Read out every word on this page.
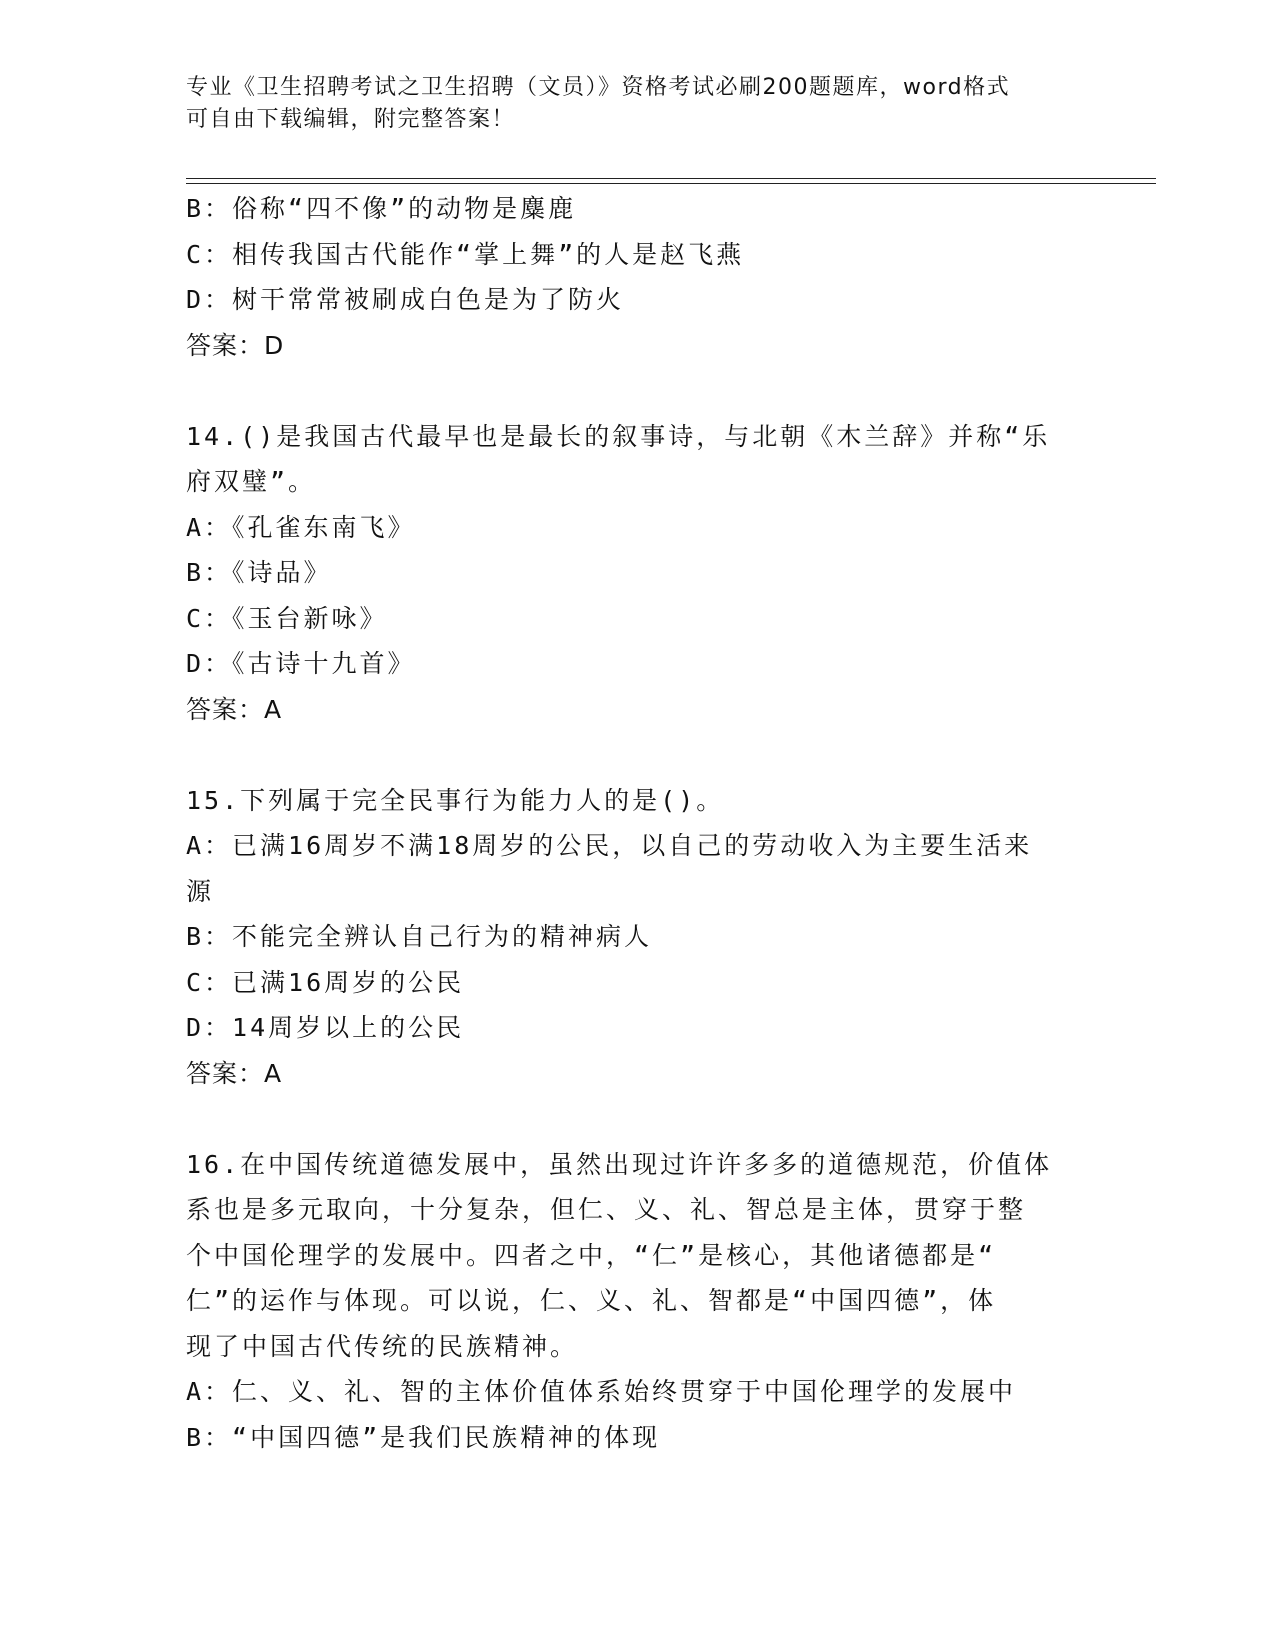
专业《卫生招聘考试之卫生招聘（文员）》资格考试必刷200题题库，word格式
可自由下载编辑，附完整答案！
B：俗称“四不像”的动物是麋鹿
C：相传我国古代能作“掌上舞”的人是赵飞燕
D：树干常常被刷成白色是为了防火
答案：D
14.()是我国古代最早也是最长的叙事诗，与北朝《木兰辞》并称“乐
府双璧”。
A：《孔雀东南飞》
B：《诗品》
C：《玉台新咏》
D：《古诗十九首》
答案：A
15.下列属于完全民事行为能力人的是()。
A：已满16周岁不满18周岁的公民，以自己的劳动收入为主要生活来
源
B：不能完全辨认自己行为的精神病人
C：已满16周岁的公民
D：14周岁以上的公民
答案：A
16.在中国传统道德发展中，虽然出现过许许多多的道德规范，价值体
系也是多元取向，十分复杂，但仁、义、礼、智总是主体，贯穿于整
个中国伦理学的发展中。四者之中，“仁”是核心，其他诸德都是“
仁”的运作与体现。可以说，仁、义、礼、智都是“中国四德”，体
现了中国古代传统的民族精神。
A：仁、义、礼、智的主体价值体系始终贯穿于中国伦理学的发展中
B：“中国四德”是我们民族精神的体现
